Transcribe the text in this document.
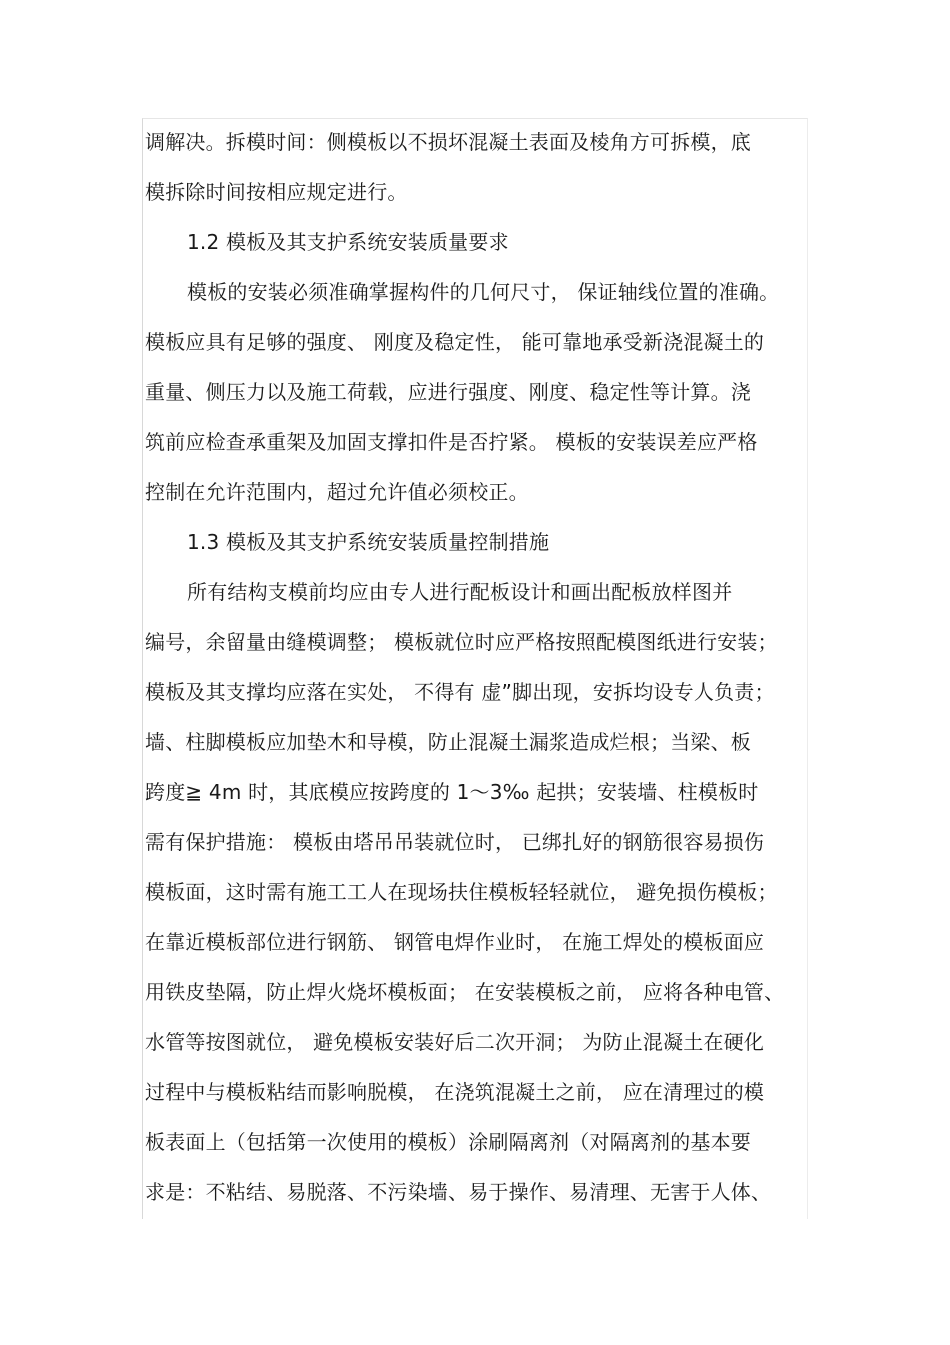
调解决。拆模时间：侧模板以不损坏混凝土表面及棱角方可拆模，底
模拆除时间按相应规定进行。
1.2 模板及其支护系统安装质量要求
模板的安装必须准确掌握构件的几何尺寸， 保证轴线位置的准确。
模板应具有足够的强度、 刚度及稳定性， 能可靠地承受新浇混凝土的
重量、侧压力以及施工荷载，应进行强度、刚度、稳定性等计算。浇
筑前应检查承重架及加固支撑扣件是否拧紧。 模板的安装误差应严格
控制在允许范围内，超过允许值必须校正。
1.3 模板及其支护系统安装质量控制措施
所有结构支模前均应由专人进行配板设计和画出配板放样图并
编号，余留量由缝模调整； 模板就位时应严格按照配模图纸进行安装；
模板及其支撑均应落在实处， 不得有 虚”脚出现，安拆均设专人负责；
墙、柱脚模板应加垫木和导模，防止混凝土漏浆造成烂根；当梁、板
跨度≧ 4m 时，其底模应按跨度的 1～3‰ 起拱；安装墙、柱模板时
需有保护措施： 模板由塔吊吊装就位时， 已绑扎好的钢筋很容易损伤
模板面，这时需有施工工人在现场扶住模板轻轻就位， 避免损伤模板；
在靠近模板部位进行钢筋、 钢管电焊作业时， 在施工焊处的模板面应
用铁皮垫隔，防止焊火烧坏模板面； 在安装模板之前， 应将各种电管、
水管等按图就位， 避免模板安装好后二次开洞； 为防止混凝土在硬化
过程中与模板粘结而影响脱模， 在浇筑混凝土之前， 应在清理过的模
板表面上（包括第一次使用的模板）涂刷隔离剂（对隔离剂的基本要
求是：不粘结、易脱落、不污染墙、易于操作、易清理、无害于人体、
